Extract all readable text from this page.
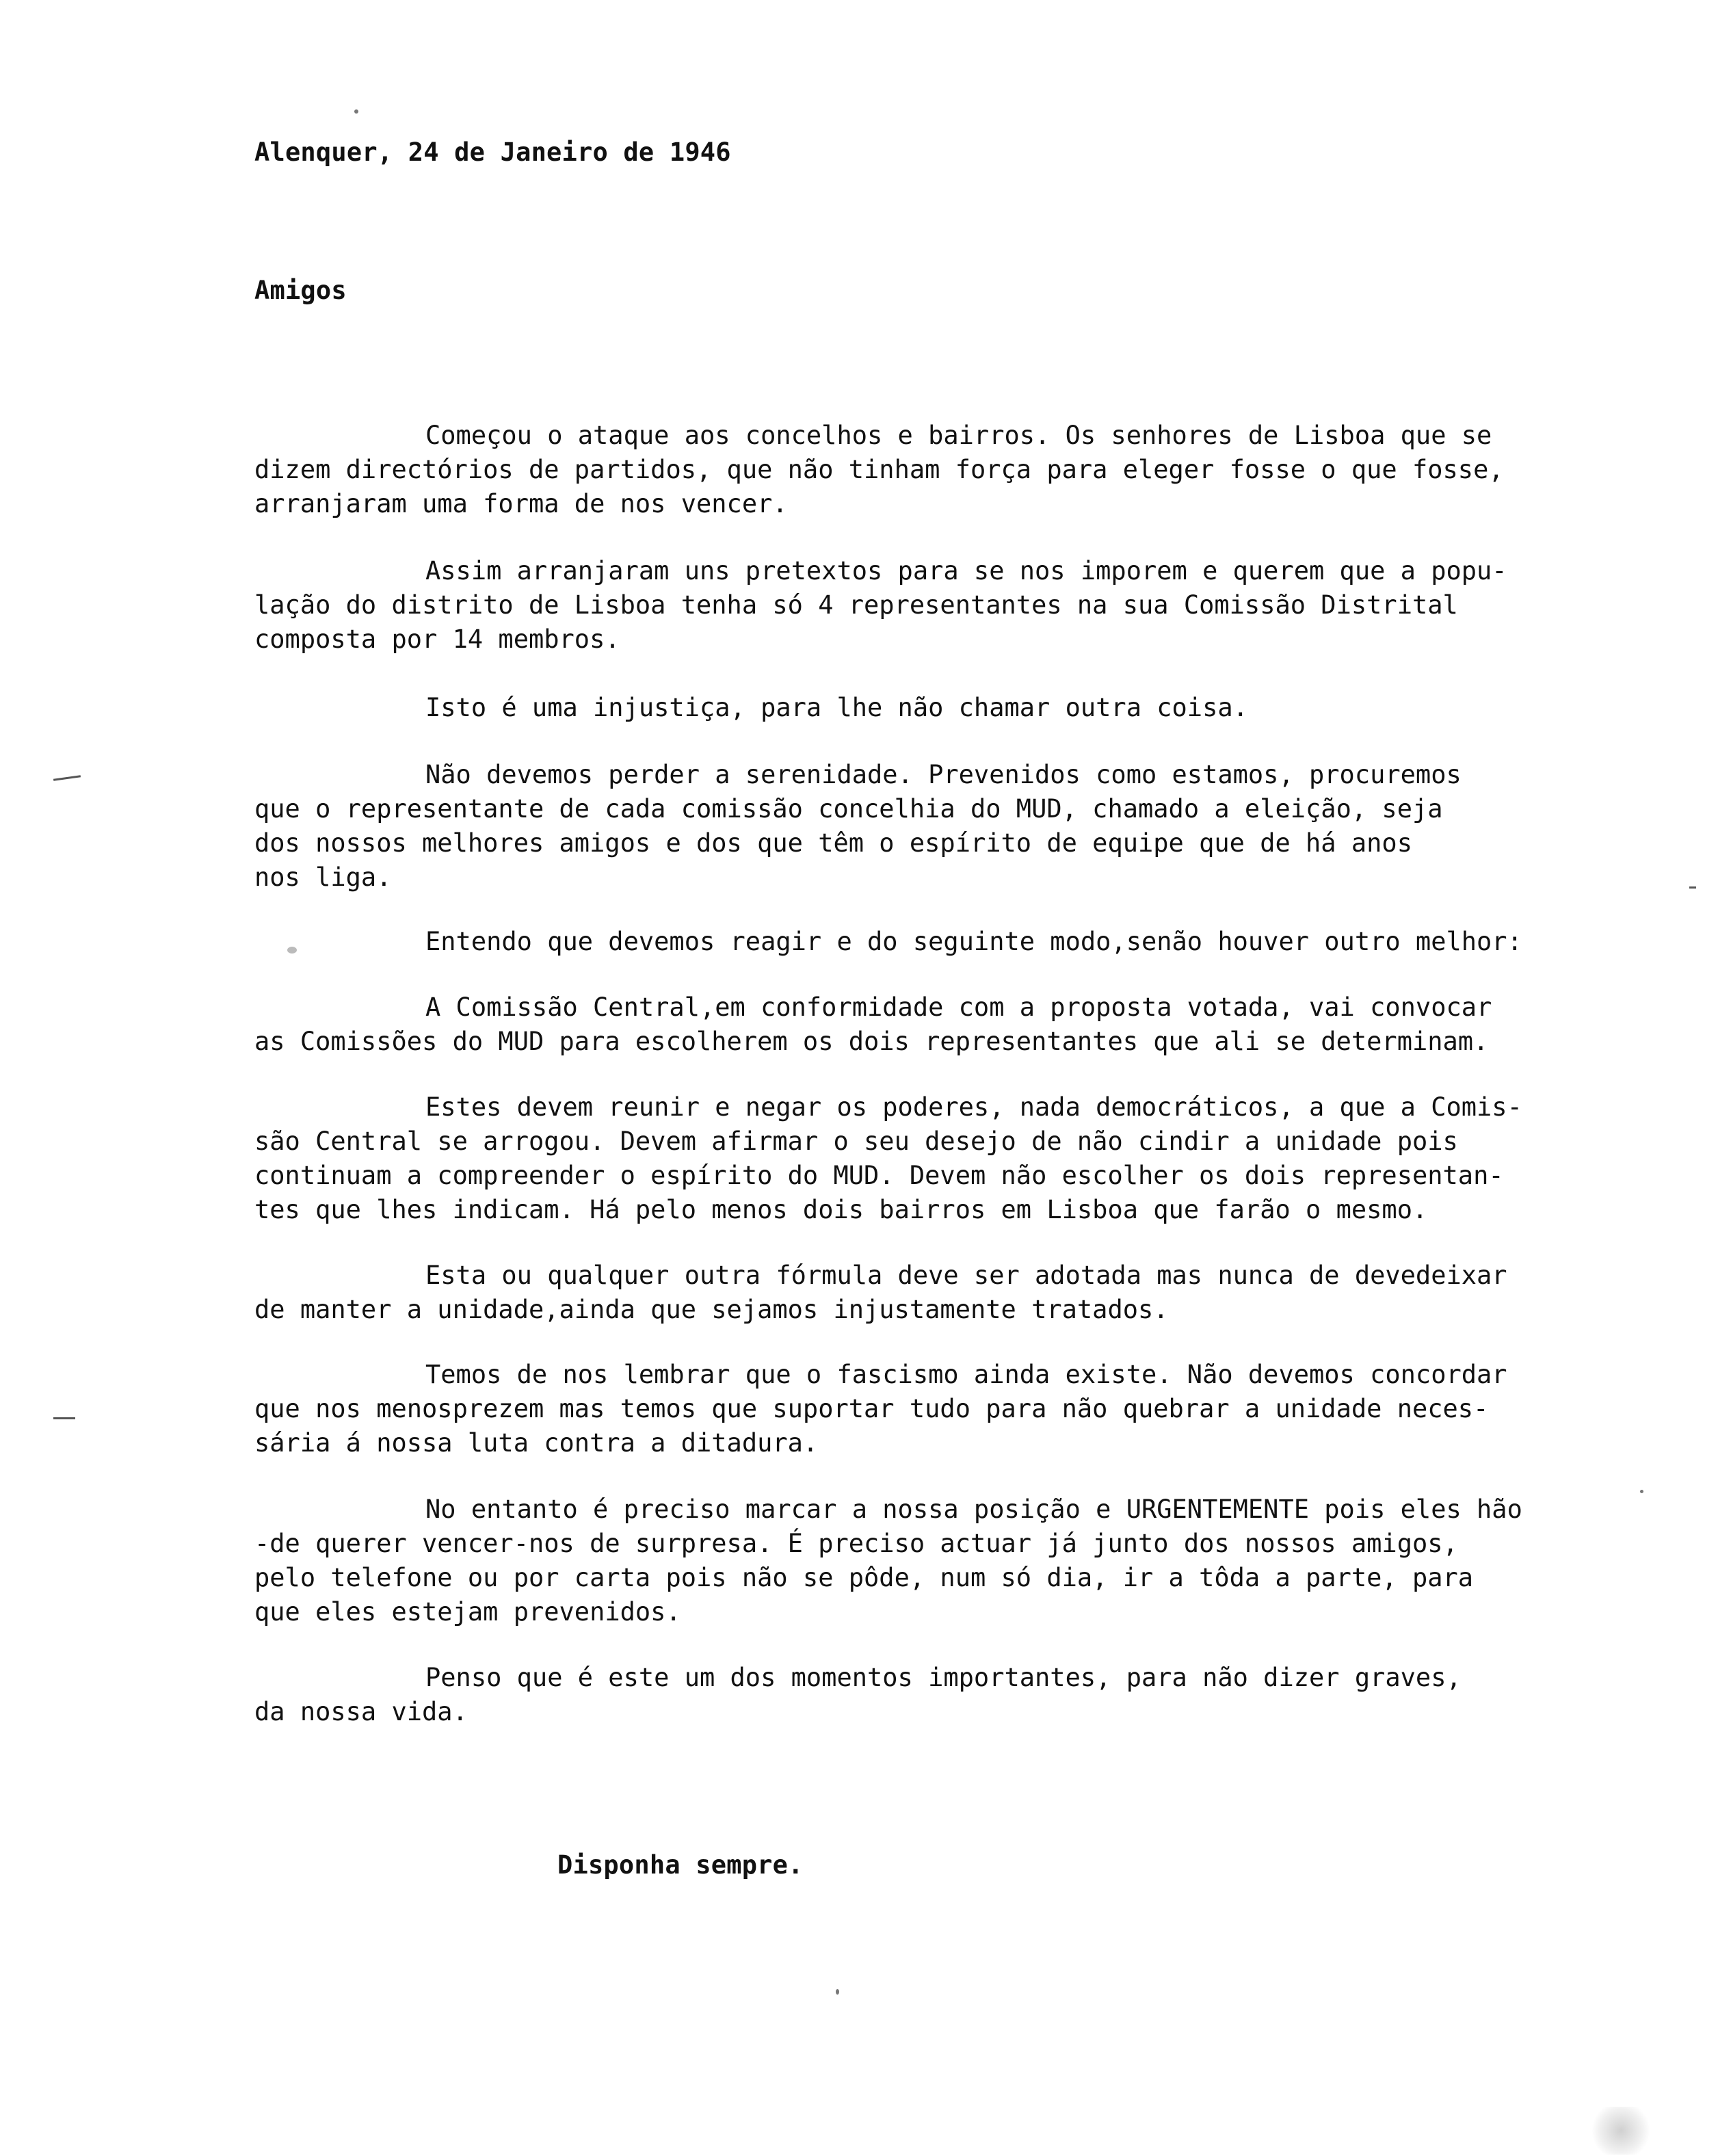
Alenquer, 24 de Janeiro de 1946
Amigos
Começou o ataque aos concelhos e bairros. Os senhores de Lisboa que se
dizem directórios de partidos, que não tinham força para eleger fosse o que fosse,
arranjaram uma forma de nos vencer.
Assim arranjaram uns pretextos para se nos imporem e querem que a popu-
lação do distrito de Lisboa tenha só 4 representantes na sua Comissão Distrital
composta por 14 membros.
Isto é uma injustiça, para lhe não chamar outra coisa.
Não devemos perder a serenidade. Prevenidos como estamos, procuremos
que o representante de cada comissão concelhia do MUD, chamado a eleição, seja
dos nossos melhores amigos e dos que têm o espírito de equipe que de há anos
nos liga.
Entendo que devemos reagir e do seguinte modo,senão houver outro melhor:
A Comissão Central,em conformidade com a proposta votada, vai convocar
as Comissões do MUD para escolherem os dois representantes que ali se determinam.
Estes devem reunir e negar os poderes, nada democráticos, a que a Comis-
são Central se arrogou. Devem afirmar o seu desejo de não cindir a unidade pois
continuam a compreender o espírito do MUD. Devem não escolher os dois representan-
tes que lhes indicam. Há pelo menos dois bairros em Lisboa que farão o mesmo.
Esta ou qualquer outra fórmula deve ser adotada mas nunca de devedeixar
de manter a unidade,ainda que sejamos injustamente tratados.
Temos de nos lembrar que o fascismo ainda existe. Não devemos concordar
que nos menosprezem mas temos que suportar tudo para não quebrar a unidade neces-
sária á nossa luta contra a ditadura.
No entanto é preciso marcar a nossa posição e URGENTEMENTE pois eles hão
-de querer vencer-nos de surpresa. É preciso actuar já junto dos nossos amigos,
pelo telefone ou por carta pois não se pôde, num só dia, ir a tôda a parte, para
que eles estejam prevenidos.
Penso que é este um dos momentos importantes, para não dizer graves,
da nossa vida.
Disponha sempre.
